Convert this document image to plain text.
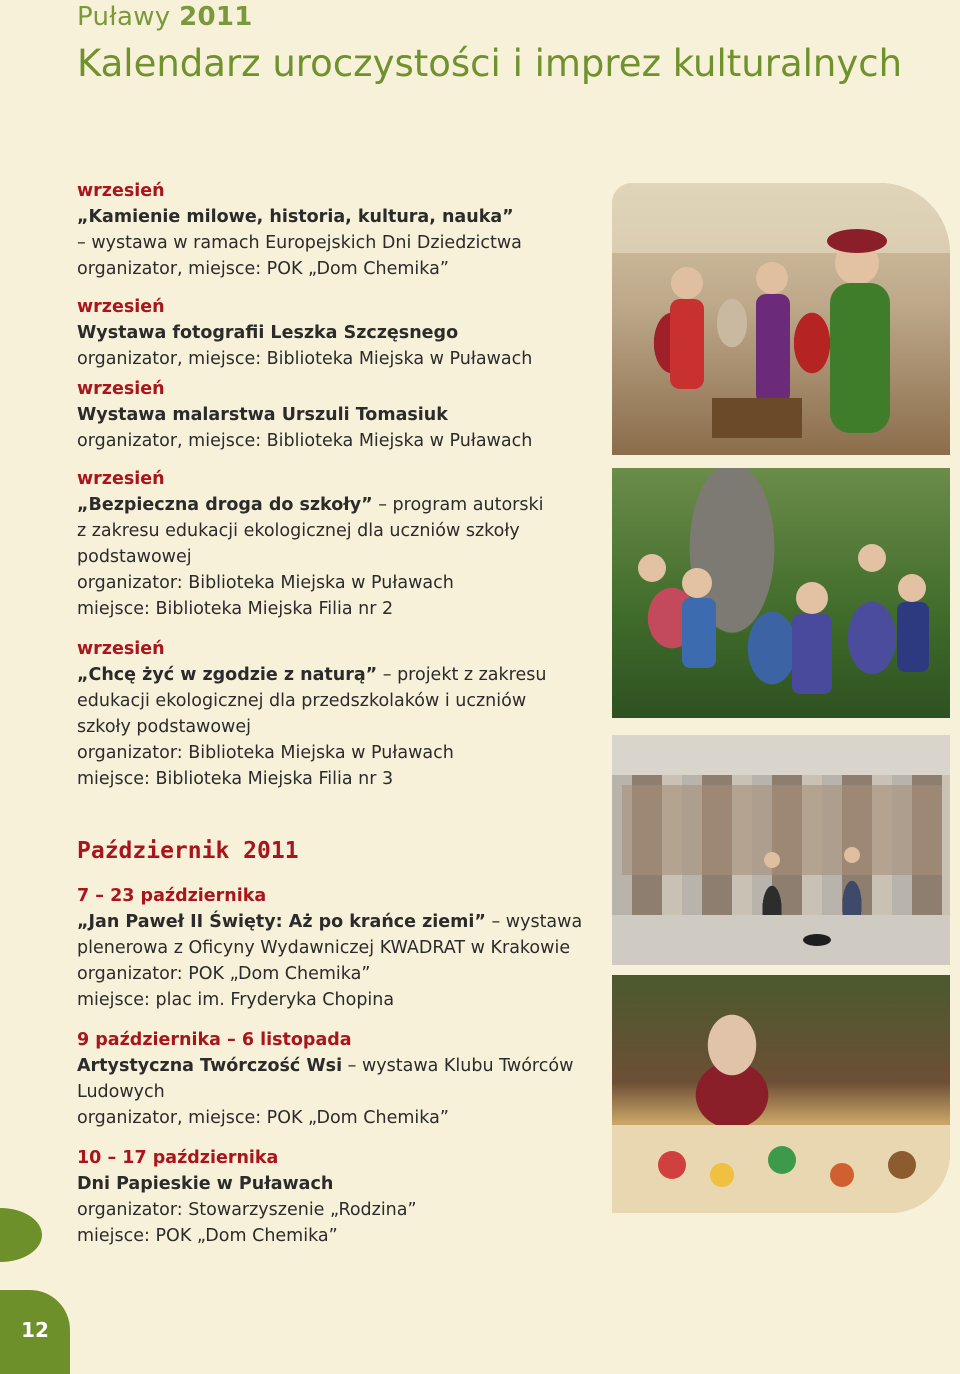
Puławy 2011
Kalendarz uroczystości i imprez kulturalnych
wrzesień
„Kamienie milowe, historia, kultura, nauka”
– wystawa w ramach Europejskich Dni Dziedzictwa
organizator, miejsce: POK „Dom Chemika”
wrzesień
Wystawa fotografii Leszka Szczęsnego
organizator, miejsce: Biblioteka Miejska w Puławach
wrzesień
Wystawa malarstwa Urszuli Tomasiuk
organizator, miejsce: Biblioteka Miejska w Puławach
wrzesień
„Bezpieczna droga do szkoły” – program autorski
z zakresu edukacji ekologicznej dla uczniów szkoły
podstawowej
organizator: Biblioteka Miejska w Puławach
miejsce: Biblioteka Miejska Filia nr 2
wrzesień
„Chcę żyć w zgodzie z naturą” – projekt z zakresu
edukacji ekologicznej dla przedszkolaków i uczniów
szkoły podstawowej
organizator: Biblioteka Miejska w Puławach
miejsce: Biblioteka Miejska Filia nr 3
Październik 2011
7 – 23 października
„Jan Paweł II Święty: Aż po krańce ziemi” – wystawa
plenerowa z Oficyny Wydawniczej KWADRAT w Krakowie
organizator: POK „Dom Chemika”
miejsce: plac im. Fryderyka Chopina
9 października – 6 listopada
Artystyczna Twórczość Wsi – wystawa Klubu Twórców
Ludowych
organizator, miejsce: POK „Dom Chemika”
10 – 17 października
Dni Papieskie w Puławach
organizator: Stowarzyszenie „Rodzina”
miejsce: POK „Dom Chemika”
12
